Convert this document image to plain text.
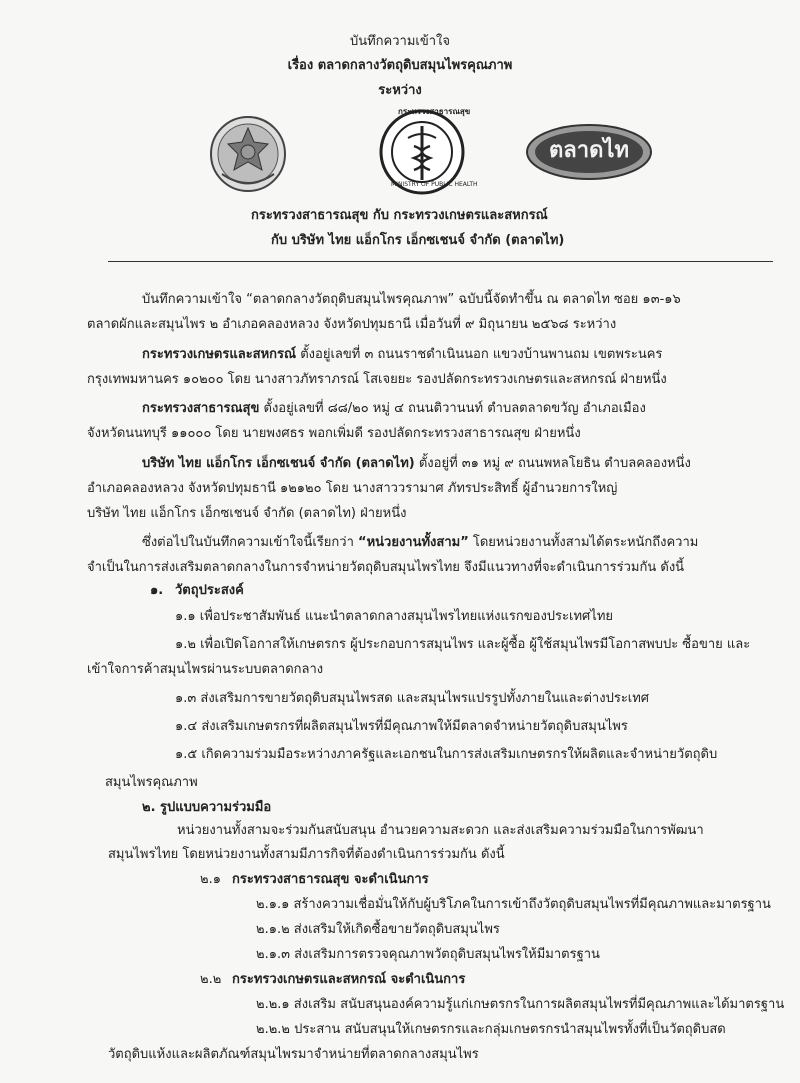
บันทึกความเข้าใจ
เรื่อง ตลาดกลางวัตถุดิบสมุนไพรคุณภาพ
ระหว่าง
กระทรวงสาธารณสุข
MINISTRY OF PUBLIC HEALTH
ตลาดไท
กระทรวงสาธารณสุข กับ กระทรวงเกษตรและสหกรณ์
กับ บริษัท ไทย แอ็กโกร เอ็กซเชนจ์ จำกัด (ตลาดไท)
บันทึกความเข้าใจ “ตลาดกลางวัตถุดิบสมุนไพรคุณภาพ” ฉบับนี้จัดทำขึ้น ณ ตลาดไท ซอย ๑๓-๑๖
ตลาดผักและสมุนไพร ๒ อำเภอคลองหลวง จังหวัดปทุมธานี เมื่อวันที่ ๙ มิถุนายน ๒๕๖๘ ระหว่าง
กระทรวงเกษตรและสหกรณ์ ตั้งอยู่เลขที่ ๓ ถนนราชดำเนินนอก แขวงบ้านพานถม เขตพระนคร
กรุงเทพมหานคร ๑๐๒๐๐ โดย นางสาวภัทราภรณ์ โสเจยยะ รองปลัดกระทรวงเกษตรและสหกรณ์ ฝ่ายหนึ่ง
กระทรวงสาธารณสุข ตั้งอยู่เลขที่ ๘๘/๒๐ หมู่ ๔ ถนนติวานนท์ ตำบลตลาดขวัญ อำเภอเมือง
จังหวัดนนทบุรี ๑๑๐๐๐ โดย นายพงศธร พอกเพิ่มดี รองปลัดกระทรวงสาธารณสุข ฝ่ายหนึ่ง
บริษัท ไทย แอ็กโกร เอ็กซเชนจ์ จำกัด (ตลาดไท) ตั้งอยู่ที่ ๓๑ หมู่ ๙ ถนนพหลโยธิน ตำบลคลองหนึ่ง
อำเภอคลองหลวง จังหวัดปทุมธานี ๑๒๑๒๐ โดย นางสาววรามาศ ภัทรประสิทธิ์ ผู้อำนวยการใหญ่
บริษัท ไทย แอ็กโกร เอ็กซเชนจ์ จำกัด (ตลาดไท) ฝ่ายหนึ่ง
ซึ่งต่อไปในบันทึกความเข้าใจนี้เรียกว่า “หน่วยงานทั้งสาม” โดยหน่วยงานทั้งสามได้ตระหนักถึงความ
จำเป็นในการส่งเสริมตลาดกลางในการจำหน่ายวัตถุดิบสมุนไพรไทย จึงมีแนวทางที่จะดำเนินการร่วมกัน ดังนี้
๑. วัตถุประสงค์
๑.๑ เพื่อประชาสัมพันธ์ แนะนำตลาดกลางสมุนไพรไทยแห่งแรกของประเทศไทย
๑.๒ เพื่อเปิดโอกาสให้เกษตรกร ผู้ประกอบการสมุนไพร และผู้ซื้อ ผู้ใช้สมุนไพรมีโอกาสพบปะ ซื้อขาย และ
เข้าใจการค้าสมุนไพรผ่านระบบตลาดกลาง
๑.๓ ส่งเสริมการขายวัตถุดิบสมุนไพรสด และสมุนไพรแปรรูปทั้งภายในและต่างประเทศ
๑.๔ ส่งเสริมเกษตรกรที่ผลิตสมุนไพรที่มีคุณภาพให้มีตลาดจำหน่ายวัตถุดิบสมุนไพร
๑.๕ เกิดความร่วมมือระหว่างภาครัฐและเอกชนในการส่งเสริมเกษตรกรให้ผลิตและจำหน่ายวัตถุดิบ
สมุนไพรคุณภาพ
๒. รูปแบบความร่วมมือ
หน่วยงานทั้งสามจะร่วมกันสนับสนุน อำนวยความสะดวก และส่งเสริมความร่วมมือในการพัฒนา
สมุนไพรไทย โดยหน่วยงานทั้งสามมีภารกิจที่ต้องดำเนินการร่วมกัน ดังนี้
๒.๑ กระทรวงสาธารณสุข จะดำเนินการ
๒.๑.๑ สร้างความเชื่อมั่นให้กับผู้บริโภคในการเข้าถึงวัตถุดิบสมุนไพรที่มีคุณภาพและมาตรฐาน
๒.๑.๒ ส่งเสริมให้เกิดซื้อขายวัตถุดิบสมุนไพร
๒.๑.๓ ส่งเสริมการตรวจคุณภาพวัตถุดิบสมุนไพรให้มีมาตรฐาน
๒.๒ กระทรวงเกษตรและสหกรณ์ จะดำเนินการ
๒.๒.๑ ส่งเสริม สนับสนุนองค์ความรู้แก่เกษตรกรในการผลิตสมุนไพรที่มีคุณภาพและได้มาตรฐาน
๒.๒.๒ ประสาน สนับสนุนให้เกษตรกรและกลุ่มเกษตรกรนำสมุนไพรทั้งที่เป็นวัตถุดิบสด
วัตถุดิบแห้งและผลิตภัณฑ์สมุนไพรมาจำหน่ายที่ตลาดกลางสมุนไพร
